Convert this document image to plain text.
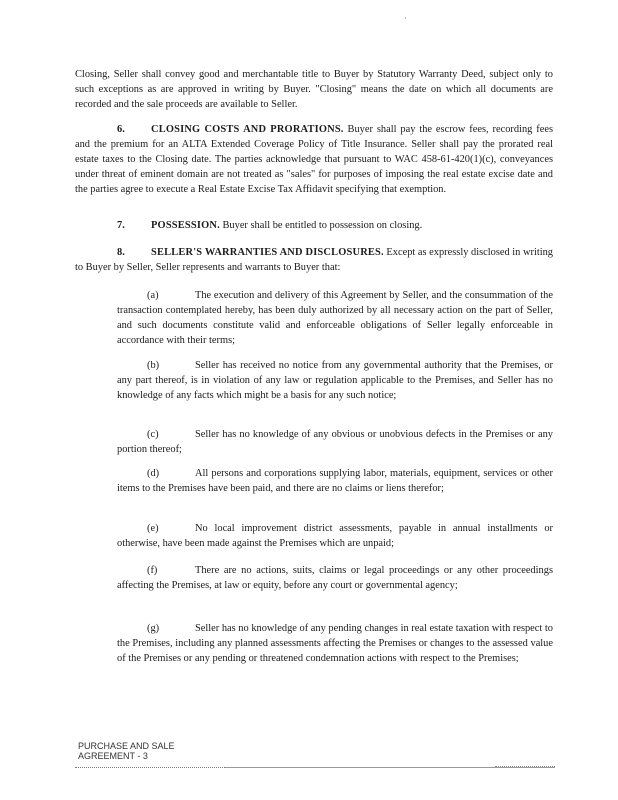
·

Closing, Seller shall convey good and merchantable title to Buyer by Statutory Warranty Deed, subject only to such exceptions as are approved in writing by Buyer. "Closing" means the date on which all documents are recorded and the sale proceeds are available to Seller.

6.	CLOSING COSTS AND PRORATIONS. Buyer shall pay the escrow fees, recording fees and the premium for an ALTA Extended Coverage Policy of Title Insurance. Seller shall pay the prorated real estate taxes to the Closing date. The parties acknowledge that pursuant to WAC 458-61-420(1)(c), conveyances under threat of eminent domain are not treated as "sales" for purposes of imposing the real estate excise date and the parties agree to execute a Real Estate Excise Tax Affidavit specifying that exemption.

7.	POSSESSION. Buyer shall be entitled to possession on closing.

8.	SELLER'S WARRANTIES AND DISCLOSURES. Except as expressly disclosed in writing to Buyer by Seller, Seller represents and warrants to Buyer that:

(a)	The execution and delivery of this Agreement by Seller, and the consummation of the transaction contemplated hereby, has been duly authorized by all necessary action on the part of Seller, and such documents constitute valid and enforceable obligations of Seller legally enforceable in accordance with their terms;

(b)	Seller has received no notice from any governmental authority that the Premises, or any part thereof, is in violation of any law or regulation applicable to the Premises, and Seller has no knowledge of any facts which might be a basis for any such notice;

(c)	Seller has no knowledge of any obvious or unobvious defects in the Premises or any portion thereof;

(d)	All persons and corporations supplying labor, materials, equipment, services or other items to the Premises have been paid, and there are no claims or liens therefor;

(e)	No local improvement district assessments, payable in annual installments or otherwise, have been made against the Premises which are unpaid;

(f)	There are no actions, suits, claims or legal proceedings or any other proceedings affecting the Premises, at law or equity, before any court or governmental agency;

(g)	Seller has no knowledge of any pending changes in real estate taxation with respect to the Premises, including any planned assessments affecting the Premises or changes to the assessed value of the Premises or any pending or threatened condemnation actions with respect to the Premises;

PURCHASE AND SALE
AGREEMENT - 3
